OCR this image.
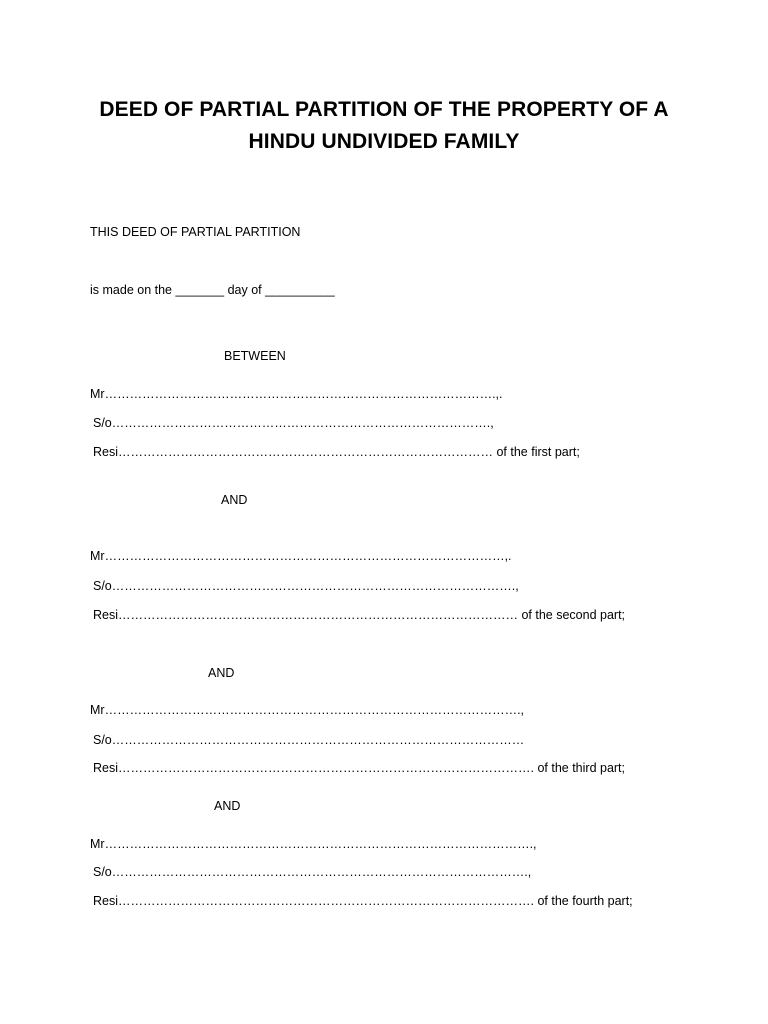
DEED OF PARTIAL PARTITION OF THE PROPERTY OF A
HINDU UNDIVIDED FAMILY
THIS DEED OF PARTIAL PARTITION
is made on the _______ day of __________
BETWEEN
Mr………………………………………………………………………………….,.
S/o……………………………………………………………………………….,
Resi……………………………………………………………………………… of the first part;
AND
Mr……………………………………………………………………………………,.
S/o…………………………………………………………………………………….,
Resi…………………………………………………………………………………… of the second part;
AND
Mr……………………………………………………………………………………….,
S/o………………………………………………………………………………………
Resi………………………………………………………………………………………. of the third part;
AND
Mr………………………………………………………………………………………….,
S/o……………………………………………………………………………………….,
Resi………………………………………………………………………………………. of the fourth part;
